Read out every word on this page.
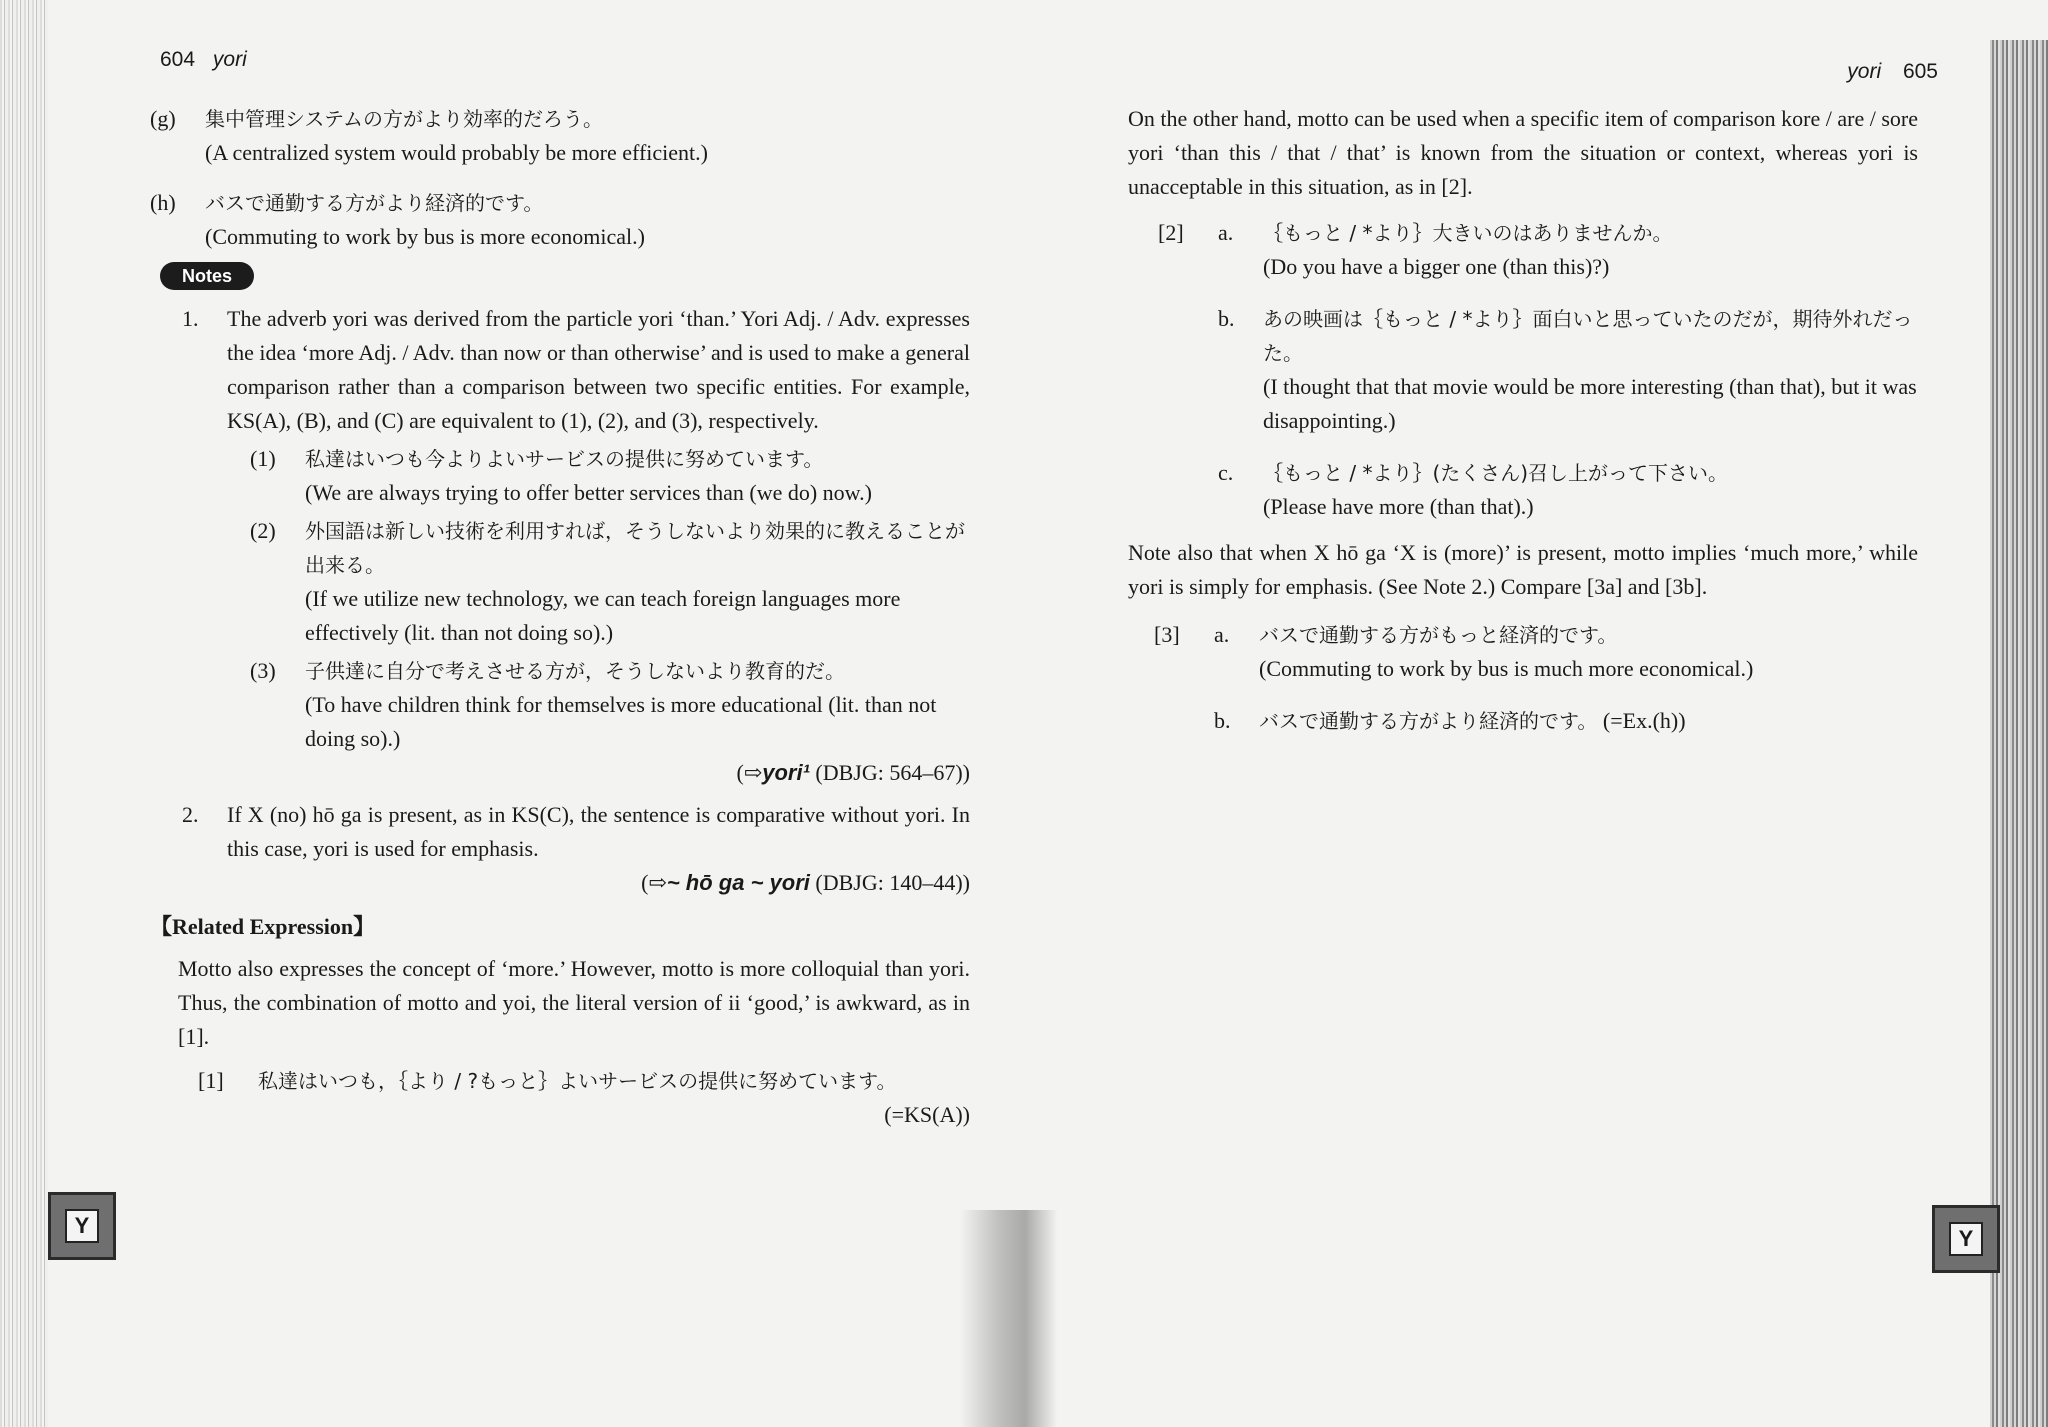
604 yori
(g)	集中管理システムの方がより効率的だろう。
(A centralized system would probably be more efficient.)
(h)	バスで通勤する方がより経済的です。
(Commuting to work by bus is more economical.)
Notes
1.	The adverb yori was derived from the particle yori ‘than.’ Yori Adj. / Adv. expresses the idea ‘more Adj. / Adv. than now or than otherwise’ and is used to make a general comparison rather than a comparison between two specific entities. For example, KS(A), (B), and (C) are equivalent to (1), (2), and (3), respectively.
(1)	私達はいつも今よりよいサービスの提供に努めています。
(We are always trying to offer better services than (we do) now.)
(2)	外国語は新しい技術を利用すれば，そうしないより効果的に教えることが出来る。
(If we utilize new technology, we can teach foreign languages more effectively (lit. than not doing so).)
(3)	子供達に自分で考えさせる方が，そうしないより教育的だ。
(To have children think for themselves is more educational (lit. than not doing so).)
(⇨yori¹ (DBJG: 564–67))
2.	If X (no) hō ga is present, as in KS(C), the sentence is comparative without yori. In this case, yori is used for emphasis.
(⇨~ hō ga ~ yori (DBJG: 140–44))
【Related Expression】
Motto also expresses the concept of ‘more.’ However, motto is more colloquial than yori. Thus, the combination of motto and yoi, the literal version of ii ‘good,’ is awkward, as in [1].
[1]	私達はいつも，｛より / ?もっと｝よいサービスの提供に努めています。
(=KS(A))
Y
yori 605
On the other hand, motto can be used when a specific item of comparison kore / are / sore yori ‘than this / that / that’ is known from the situation or context, whereas yori is unacceptable in this situation, as in [2].
[2]	a.	｛もっと / *より｝大きいのはありませんか。
(Do you have a bigger one (than this)?)
b.	あの映画は｛もっと / *より｝面白いと思っていたのだが，期待外れだった。
(I thought that that movie would be more interesting (than that), but it was disappointing.)
c.	｛もっと / *より｝(たくさん)召し上がって下さい。
(Please have more (than that).)
Note also that when X hō ga ‘X is (more)’ is present, motto implies ‘much more,’ while yori is simply for emphasis. (See Note 2.) Compare [3a] and [3b].
[3]	a.	バスで通勤する方がもっと経済的です。
(Commuting to work by bus is much more economical.)
b.	バスで通勤する方がより経済的です。 (=Ex.(h))
Y
